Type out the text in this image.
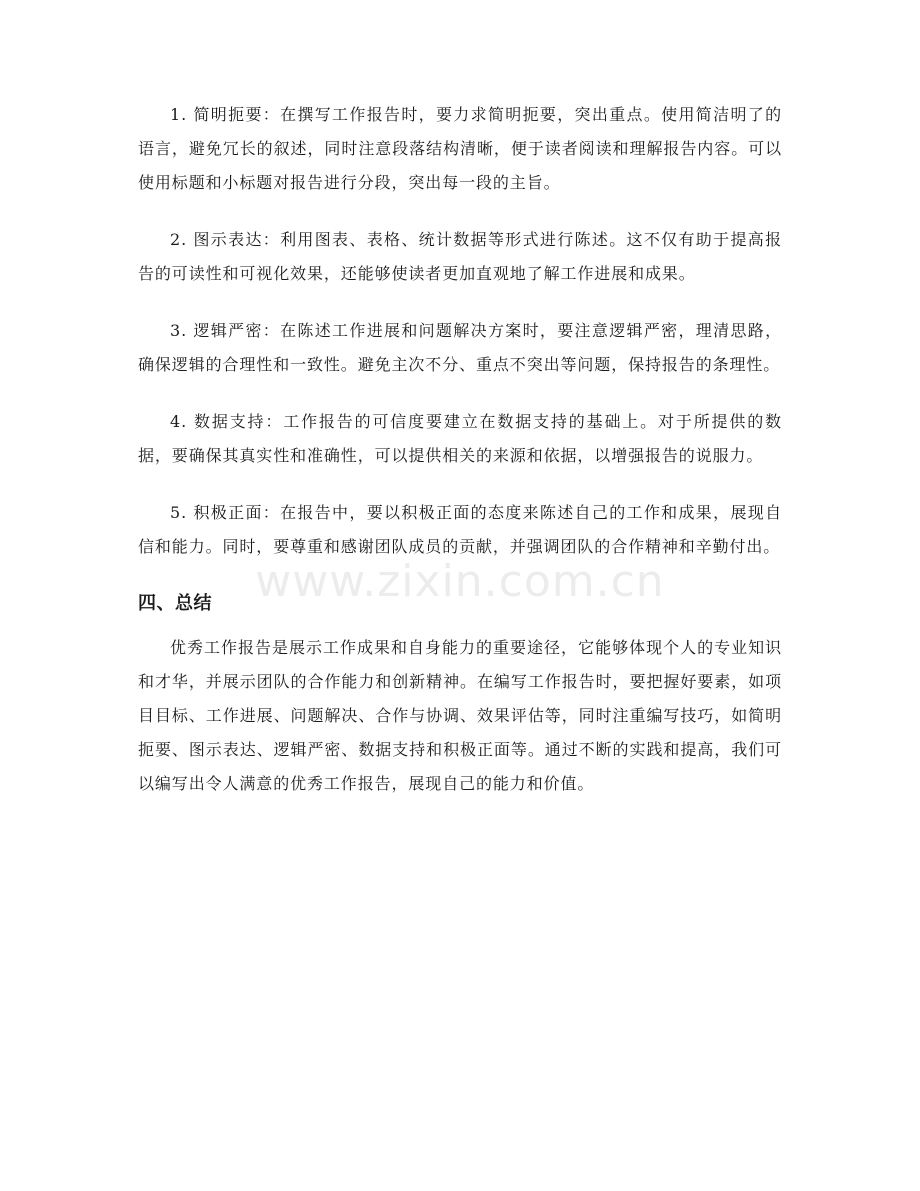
1. 简明扼要：在撰写工作报告时，要力求简明扼要，突出重点。使用简洁明了的语言，避免冗长的叙述，同时注意段落结构清晰，便于读者阅读和理解报告内容。可以使用标题和小标题对报告进行分段，突出每一段的主旨。

2. 图示表达：利用图表、表格、统计数据等形式进行陈述。这不仅有助于提高报告的可读性和可视化效果，还能够使读者更加直观地了解工作进展和成果。

3. 逻辑严密：在陈述工作进展和问题解决方案时，要注意逻辑严密，理清思路，确保逻辑的合理性和一致性。避免主次不分、重点不突出等问题，保持报告的条理性。

4. 数据支持：工作报告的可信度要建立在数据支持的基础上。对于所提供的数据，要确保其真实性和准确性，可以提供相关的来源和依据，以增强报告的说服力。

5. 积极正面：在报告中，要以积极正面的态度来陈述自己的工作和成果，展现自信和能力。同时，要尊重和感谢团队成员的贡献，并强调团队的合作精神和辛勤付出。

四、总结

优秀工作报告是展示工作成果和自身能力的重要途径，它能够体现个人的专业知识和才华，并展示团队的合作能力和创新精神。在编写工作报告时，要把握好要素，如项目目标、工作进展、问题解决、合作与协调、效果评估等，同时注重编写技巧，如简明扼要、图示表达、逻辑严密、数据支持和积极正面等。通过不断的实践和提高，我们可以编写出令人满意的优秀工作报告，展现自己的能力和价值。

www.zixin.com.cn
